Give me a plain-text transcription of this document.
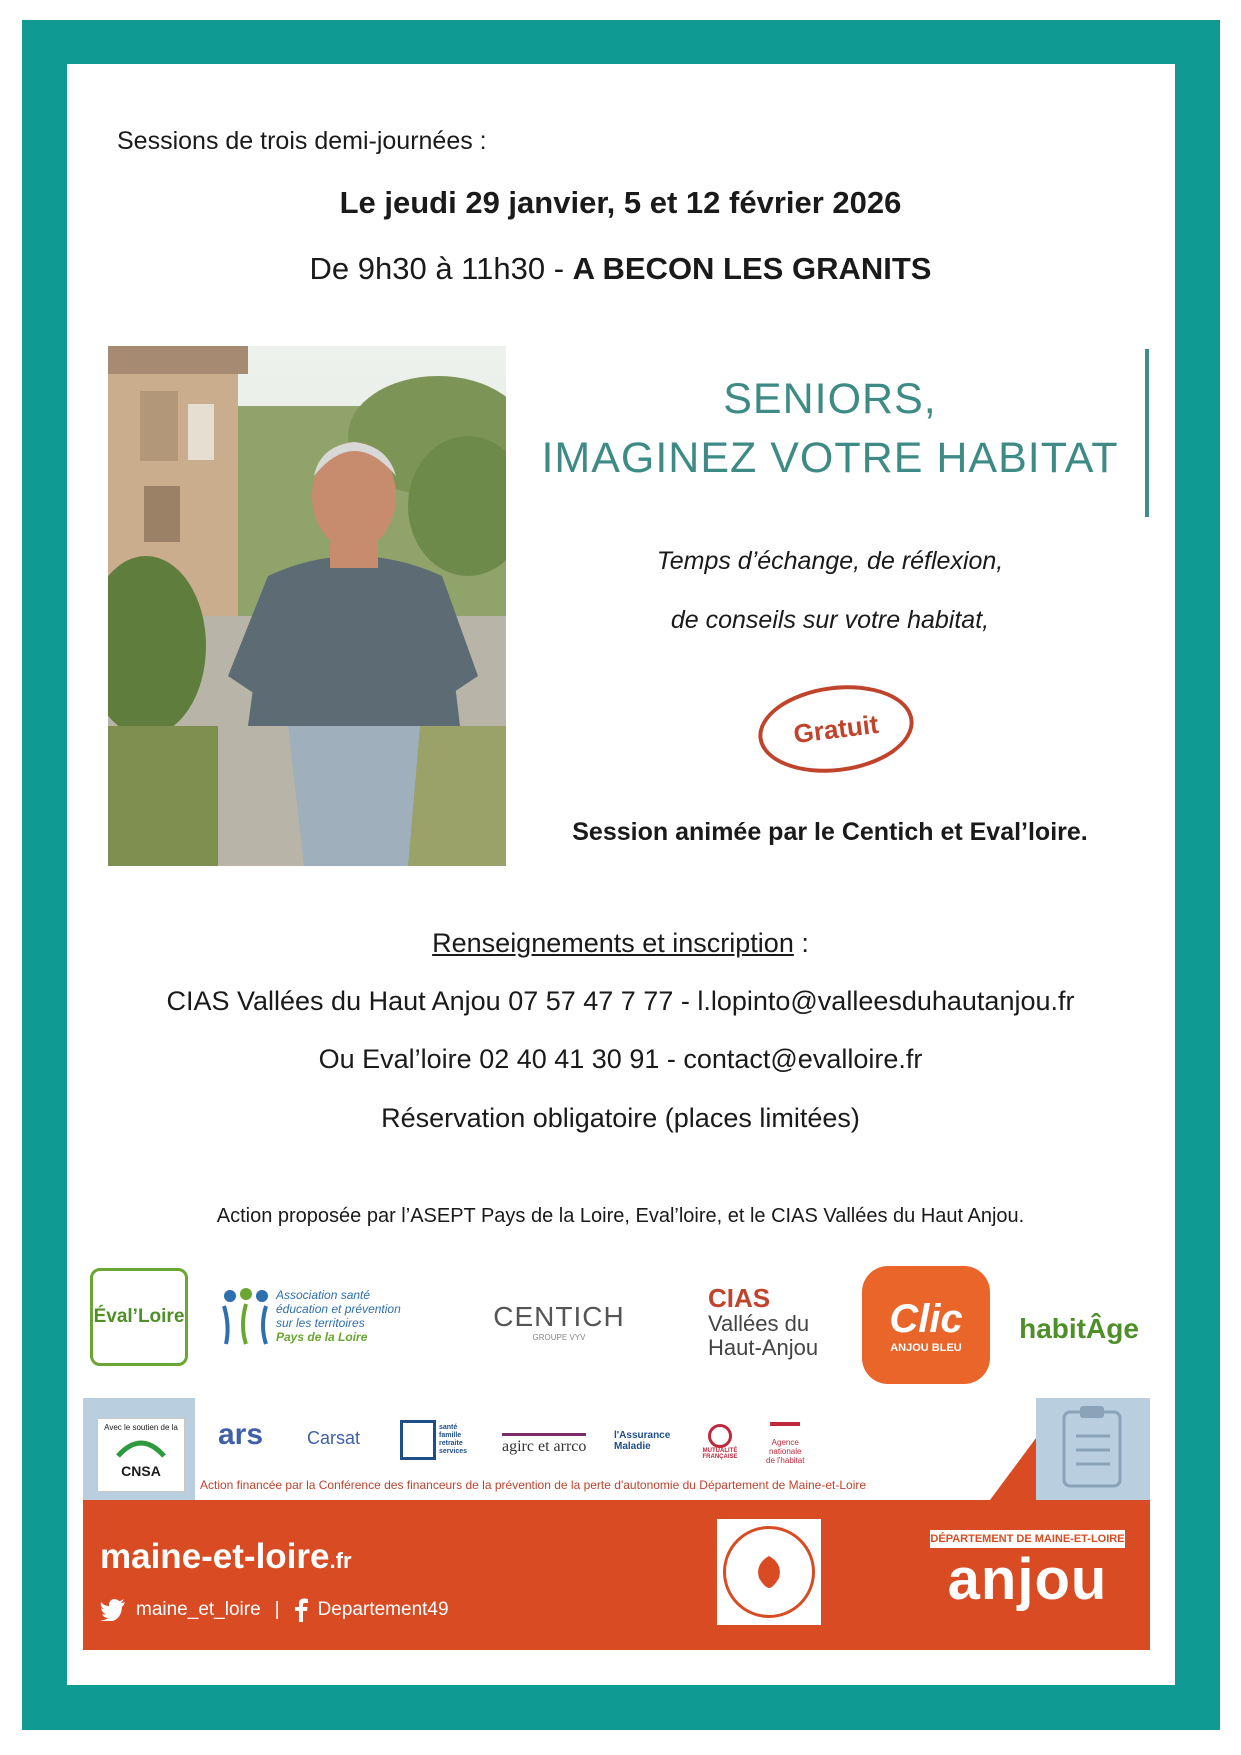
Sessions de trois demi-journées :
Le jeudi 29 janvier, 5 et 12 février 2026
De 9h30 à 11h30 - A BECON LES GRANITS
SENIORS,
IMAGINEZ VOTRE HABITAT
Temps d’échange, de réflexion,
de conseils sur votre habitat,
Gratuit
Session animée par le Centich et Eval’loire.
Renseignements et inscription :
CIAS Vallées du Haut Anjou 07 57 47 7 77 - l.lopinto@valleesduhautanjou.fr
Ou Eval’loire 02 40 41 30 91 - contact@evalloire.fr
Réservation obligatoire (places limitées)
Action proposée par l’ASEPT Pays de la Loire, Eval’loire, et le CIAS Vallées du Haut Anjou.
Éval’Loire
Association santé
éducation et prévention
sur les territoires
Pays de la Loire
CENTICH
GROUPE VYV
CIAS
Vallées du
Haut-Anjou
Clic
ANJOU BLEU
habitÂge
Avec le soutien de la
CNSA
ars Carsat
santé
famille
retraite
services agirc et arrco
l'Assurance
Maladie	MUTUALITÉ FRANÇAISE
Agence
nationale
de l'habitat
Action financée par la Conférence des financeurs de la prévention de la perte d'autonomie du Département de Maine-et-Loire
maine-et-loire.fr
maine_et_loire | Departement49
DÉPARTEMENT DE MAINE-ET-LOIRE
anjou
